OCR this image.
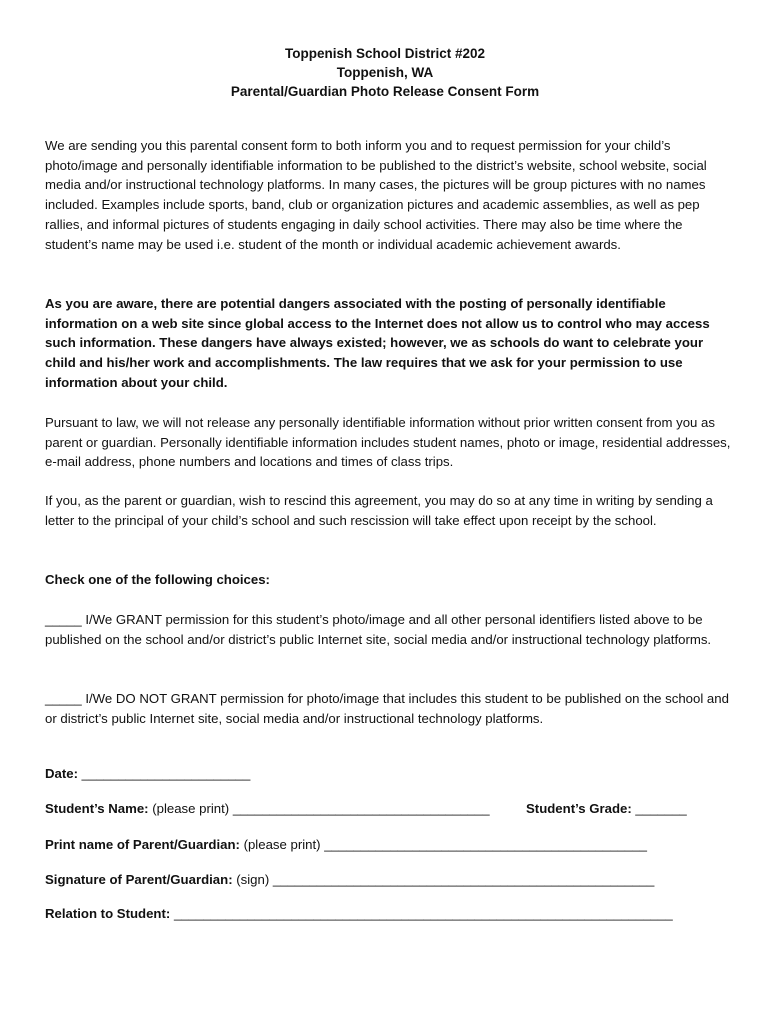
Toppenish School District #202
Toppenish, WA
Parental/Guardian Photo Release Consent Form

We are sending you this parental consent form to both inform you and to request permission for your child’s photo/image and personally identifiable information to be published to the district’s website, school website, social media and/or instructional technology platforms. In many cases, the pictures will be group pictures with no names included. Examples include sports, band, club or organization pictures and academic assemblies, as well as pep rallies, and informal pictures of students engaging in daily school activities. There may also be time where the student’s name may be used i.e. student of the month or individual academic achievement awards.

As you are aware, there are potential dangers associated with the posting of personally identifiable information on a web site since global access to the Internet does not allow us to control who may access such information. These dangers have always existed; however, we as schools do want to celebrate your child and his/her work and accomplishments. The law requires that we ask for your permission to use information about your child.

Pursuant to law, we will not release any personally identifiable information without prior written consent from you as parent or guardian. Personally identifiable information includes student names, photo or image, residential addresses, e-mail address, phone numbers and locations and times of class trips.

If you, as the parent or guardian, wish to rescind this agreement, you may do so at any time in writing by sending a letter to the principal of your child’s school and such rescission will take effect upon receipt by the school.

Check one of the following choices:

_____ I/We GRANT permission for this student’s photo/image and all other personal identifiers listed above to be published on the school and/or district’s public Internet site, social media and/or instructional technology platforms.

_____ I/We DO NOT GRANT permission for photo/image that includes this student to be published on the school and or district’s public Internet site, social media and/or instructional technology platforms.

Date: _______________________
Student’s Name: (please print) ___________________________________	Student’s Grade: _______
Print name of Parent/Guardian: (please print) ____________________________________________
Signature of Parent/Guardian: (sign) ____________________________________________________
Relation to Student: ____________________________________________________________________
